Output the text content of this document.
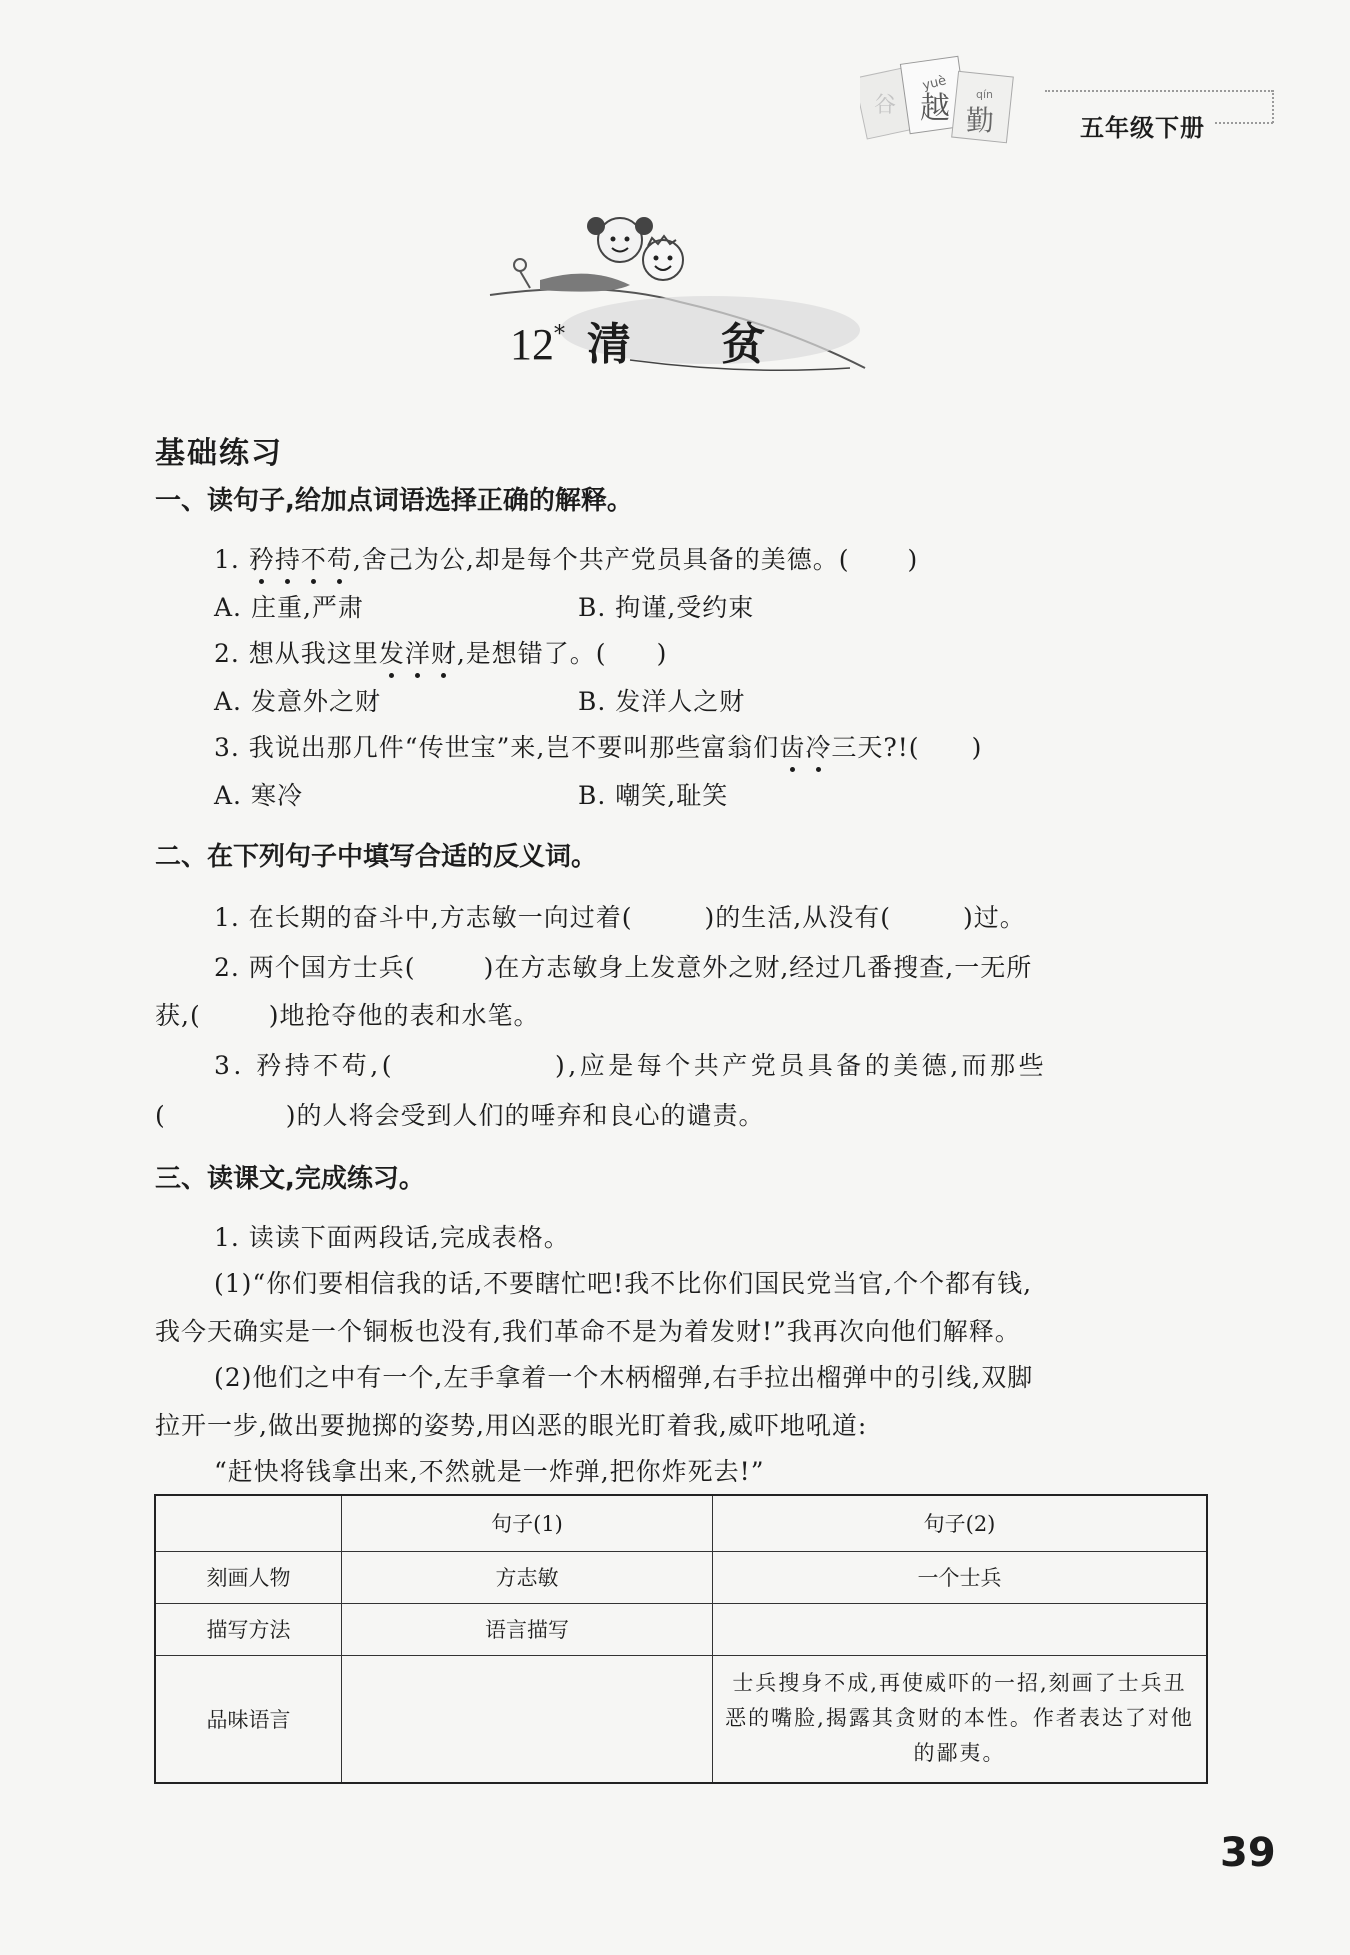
谷
yuè
越 qín
勤	五年级下册
12* 清贫
基础练习
一、读句子,给加点词语选择正确的解释。
1. 矜持不苟,舍己为公,却是每个共产党员具备的美德。( )
A. 庄重,严肃	B. 拘谨,受约束
2. 想从我这里发洋财,是想错了。( )
A. 发意外之财	B. 发洋人之财
3. 我说出那几件“传世宝”来,岂不要叫那些富翁们齿冷三天?!( )
A. 寒冷	B. 嘲笑,耻笑
二、在下列句子中填写合适的反义词。
1. 在长期的奋斗中,方志敏一向过着(	)的生活,从没有(	)过。
2. 两个国方士兵(	)在方志敏身上发意外之财,经过几番搜查,一无所
获,(	)地抢夺他的表和水笔。
3. 矜持不苟,(	),应是每个共产党员具备的美德,而那些
(	)的人将会受到人们的唾弃和良心的谴责。
三、读课文,完成练习。
1. 读读下面两段话,完成表格。
(1)“你们要相信我的话,不要瞎忙吧!我不比你们国民党当官,个个都有钱,
我今天确实是一个铜板也没有,我们革命不是为着发财!”我再次向他们解释。
(2)他们之中有一个,左手拿着一个木柄榴弹,右手拉出榴弹中的引线,双脚
拉开一步,做出要抛掷的姿势,用凶恶的眼光盯着我,威吓地吼道:
“赶快将钱拿出来,不然就是一炸弹,把你炸死去!”
	句子(1)	句子(2)
刻画人物	方志敏	一个士兵
描写方法	语言描写	
品味语言		士兵搜身不成,再使威吓的一招,刻画了士兵丑恶的嘴脸,揭露其贪财的本性。作者表达了对他的鄙夷。
39
